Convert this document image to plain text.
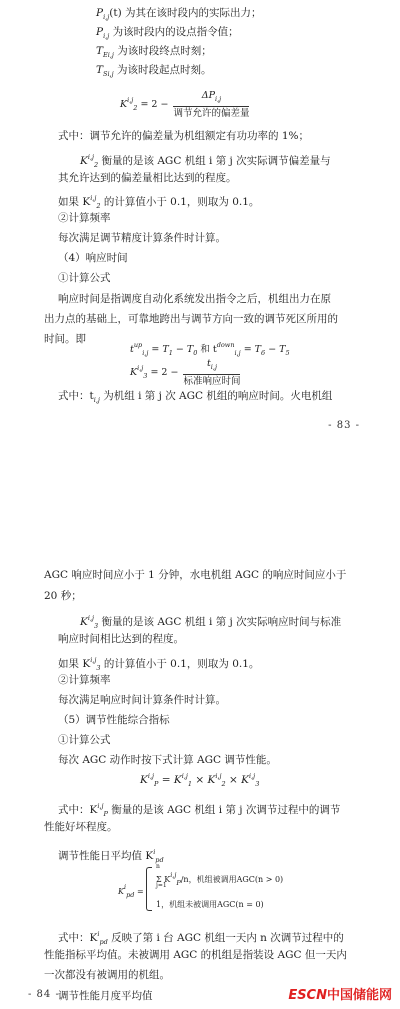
$P_{i,j}(t)$ 为其在该时段内的实际出力；
$P_{i,j}$ 为该时段内的设点指令值；
$T_{Ei,j}$ 为该时段终点时刻；
$T_{Si,j}$ 为该时段起点时刻。
$K^{i,j}_2 = 2 - \frac{\Delta P_{i,j}}{\text{调节允许的偏差量}}$
式中：调节允许的偏差量为机组额定有功功率的 1%；
K$^{i,j}_2$ 衡量的是该 AGC 机组 i 第 j 次实际调节偏差量与
其允许达到的偏差量相比达到的程度。
如果 K$^{i,j}_2$ 的计算值小于 0.1，则取为 0.1。
②计算频率
每次满足调节精度计算条件时计算。
（4）响应时间
①计算公式
响应时间是指调度自动化系统发出指令之后，机组出力在原
出力点的基础上，可靠地跨出与调节方向一致的调节死区所用的
时间。即
$t^{up}_{i,j} = T_1 - T_0$ 和 $t^{down}_{i,j} = T_6 - T_5$
$K^{i,j}_3 = 2 - \frac{t_{i,j}}{\text{标准响应时间}}$
式中：$t_{i,j}$ 为机组 i 第 j 次 AGC 机组的响应时间。火电机组
- 83 -
AGC 响应时间应小于 1 分钟，水电机组 AGC 的响应时间应小于
20 秒；
K$^{i,j}_3$ 衡量的是该 AGC 机组 i 第 j 次实际响应时间与标准
响应时间相比达到的程度。
如果 K$^{i,j}_3$ 的计算值小于 0.1，则取为 0.1。
②计算频率
每次满足响应时间计算条件时计算。
（5）调节性能综合指标
①计算公式
每次 AGC 动作时按下式计算 AGC 调节性能。
K$^{i,j}_P$ = K$^{i,j}_1$ × K$^{i,j}_2$ × K$^{i,j}_3$
式中：K$^{i,j}_P$ 衡量的是该 AGC 机组 i 第 j 次调节过程中的调节
性能好坏程度。
调节性能日平均值 $K^i_{pd}$
$K^i_{pd}$ =
n
Σ K$^{i,j}_P$/n，机组被调用AGC(n > 0)
j=1
1，机组未被调用AGC(n = 0)
式中：$K^i_{pd}$ 反映了第 i 台 AGC 机组一天内 n 次调节过程中的
性能指标平均值。未被调用 AGC 的机组是指装设 AGC 但一天内
一次都没有被调用的机组。
调节性能月度平均值
- 84 -	ESCN中国储能网
